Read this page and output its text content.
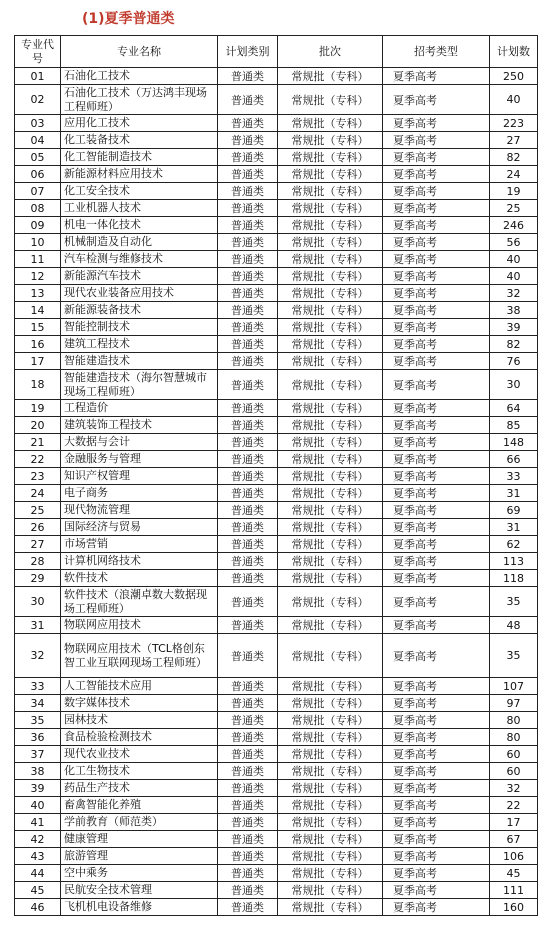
(1)夏季普通类
专业代号	专业名称	计划类别	批次	招考类型	计划数
01	石油化工技术	普通类	常规批（专科）	夏季高考	250
02	石油化工技术（万达鸿丰现场工程师班）	普通类	常规批（专科）	夏季高考	40
03	应用化工技术	普通类	常规批（专科）	夏季高考	223
04	化工装备技术	普通类	常规批（专科）	夏季高考	27
05	化工智能制造技术	普通类	常规批（专科）	夏季高考	82
06	新能源材料应用技术	普通类	常规批（专科）	夏季高考	24
07	化工安全技术	普通类	常规批（专科）	夏季高考	19
08	工业机器人技术	普通类	常规批（专科）	夏季高考	25
09	机电一体化技术	普通类	常规批（专科）	夏季高考	246
10	机械制造及自动化	普通类	常规批（专科）	夏季高考	56
11	汽车检测与维修技术	普通类	常规批（专科）	夏季高考	40
12	新能源汽车技术	普通类	常规批（专科）	夏季高考	40
13	现代农业装备应用技术	普通类	常规批（专科）	夏季高考	32
14	新能源装备技术	普通类	常规批（专科）	夏季高考	38
15	智能控制技术	普通类	常规批（专科）	夏季高考	39
16	建筑工程技术	普通类	常规批（专科）	夏季高考	82
17	智能建造技术	普通类	常规批（专科）	夏季高考	76
18	智能建造技术（海尔智慧城市现场工程师班）	普通类	常规批（专科）	夏季高考	30
19	工程造价	普通类	常规批（专科）	夏季高考	64
20	建筑装饰工程技术	普通类	常规批（专科）	夏季高考	85
21	大数据与会计	普通类	常规批（专科）	夏季高考	148
22	金融服务与管理	普通类	常规批（专科）	夏季高考	66
23	知识产权管理	普通类	常规批（专科）	夏季高考	33
24	电子商务	普通类	常规批（专科）	夏季高考	31
25	现代物流管理	普通类	常规批（专科）	夏季高考	69
26	国际经济与贸易	普通类	常规批（专科）	夏季高考	31
27	市场营销	普通类	常规批（专科）	夏季高考	62
28	计算机网络技术	普通类	常规批（专科）	夏季高考	113
29	软件技术	普通类	常规批（专科）	夏季高考	118
30	软件技术（浪潮卓数大数据现场工程师班）	普通类	常规批（专科）	夏季高考	35
31	物联网应用技术	普通类	常规批（专科）	夏季高考	48
32	物联网应用技术（TCL格创东智工业互联网现场工程师班）	普通类	常规批（专科）	夏季高考	35
33	人工智能技术应用	普通类	常规批（专科）	夏季高考	107
34	数字媒体技术	普通类	常规批（专科）	夏季高考	97
35	园林技术	普通类	常规批（专科）	夏季高考	80
36	食品检验检测技术	普通类	常规批（专科）	夏季高考	80
37	现代农业技术	普通类	常规批（专科）	夏季高考	60
38	化工生物技术	普通类	常规批（专科）	夏季高考	60
39	药品生产技术	普通类	常规批（专科）	夏季高考	32
40	畜禽智能化养殖	普通类	常规批（专科）	夏季高考	22
41	学前教育（师范类）	普通类	常规批（专科）	夏季高考	17
42	健康管理	普通类	常规批（专科）	夏季高考	67
43	旅游管理	普通类	常规批（专科）	夏季高考	106
44	空中乘务	普通类	常规批（专科）	夏季高考	45
45	民航安全技术管理	普通类	常规批（专科）	夏季高考	111
46	飞机机电设备维修	普通类	常规批（专科）	夏季高考	160
